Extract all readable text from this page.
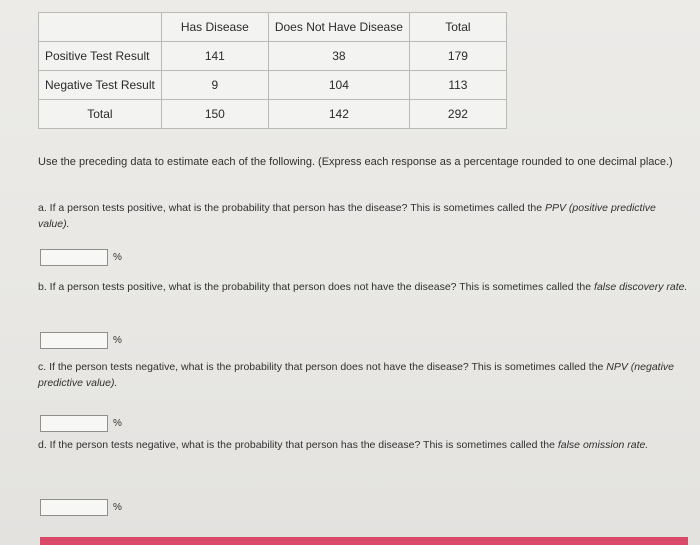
	Has Disease	Does Not Have Disease	Total
Positive Test Result	141	38	179
Negative Test Result	9	104	113
Total	150	142	292
Use the preceding data to estimate each of the following. (Express each response as a percentage rounded to one decimal place.)
a. If a person tests positive, what is the probability that person has the disease? This is sometimes called the PPV (positive predictive value).
%
b. If a person tests positive, what is the probability that person does not have the disease? This is sometimes called the false discovery rate.
%
c. If the person tests negative, what is the probability that person does not have the disease? This is sometimes called the NPV (negative predictive value).
%
d. If the person tests negative, what is the probability that person has the disease? This is sometimes called the false omission rate.
%
